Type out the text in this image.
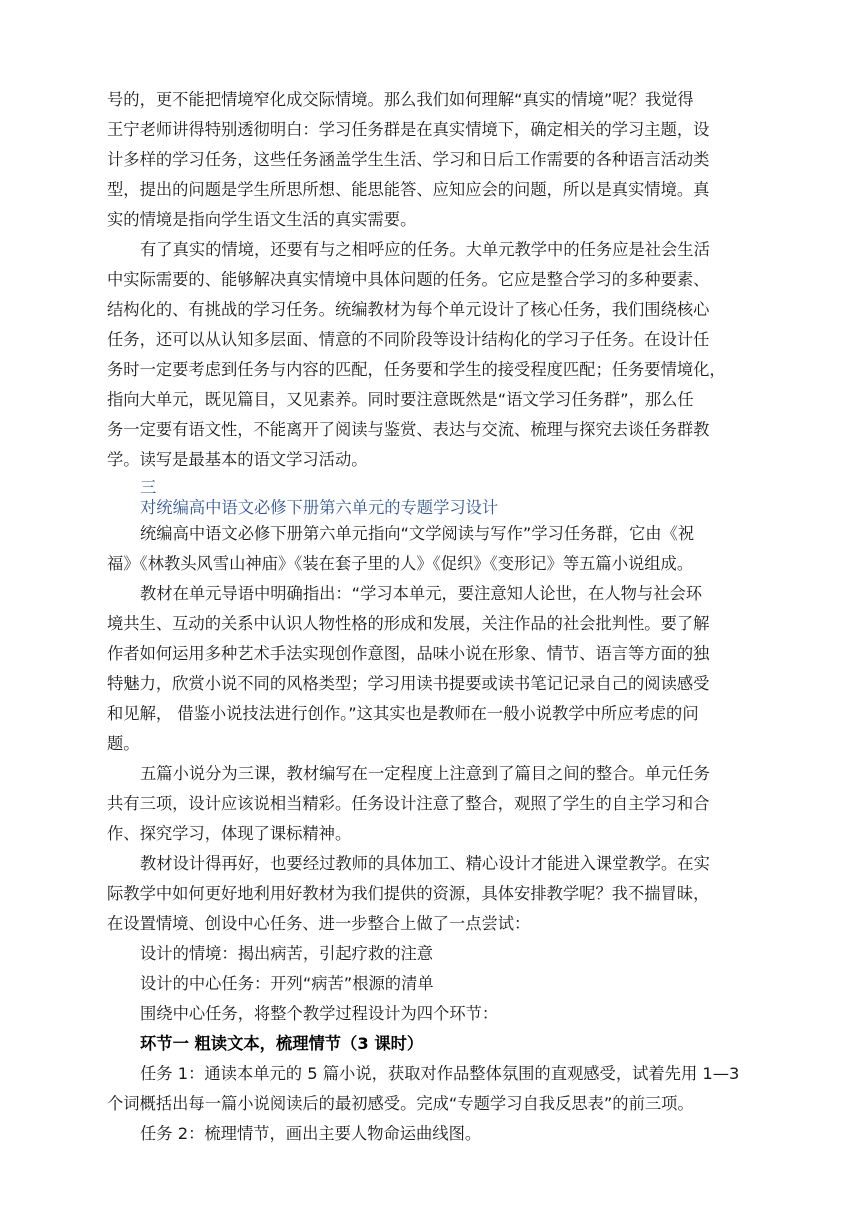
号的，更不能把情境窄化成交际情境。那么我们如何理解“真实的情境”呢？我觉得
王宁老师讲得特别透彻明白：学习任务群是在真实情境下，确定相关的学习主题，设
计多样的学习任务，这些任务涵盖学生生活、学习和日后工作需要的各种语言活动类
型，提出的问题是学生所思所想、能思能答、应知应会的问题，所以是真实情境。真
实的情境是指向学生语文生活的真实需要。
有了真实的情境，还要有与之相呼应的任务。大单元教学中的任务应是社会生活
中实际需要的、能够解决真实情境中具体问题的任务。它应是整合学习的多种要素、
结构化的、有挑战的学习任务。统编教材为每个单元设计了核心任务，我们围绕核心
任务，还可以从认知多层面、情意的不同阶段等设计结构化的学习子任务。在设计任
务时一定要考虑到任务与内容的匹配，任务要和学生的接受程度匹配；任务要情境化，
指向大单元，既见篇目，又见素养。同时要注意既然是“语文学习任务群”，那么任
务一定要有语文性，不能离开了阅读与鉴赏、表达与交流、梳理与探究去谈任务群教
学。读写是最基本的语文学习活动。
三
对统编高中语文必修下册第六单元的专题学习设计
统编高中语文必修下册第六单元指向“文学阅读与写作”学习任务群，它由《祝
福》《林教头风雪山神庙》《装在套子里的人》《促织》《变形记》等五篇小说组成。
教材在单元导语中明确指出：“学习本单元，要注意知人论世，在人物与社会环
境共生、互动的关系中认识人物性格的形成和发展，关注作品的社会批判性。要了解
作者如何运用多种艺术手法实现创作意图，品味小说在形象、情节、语言等方面的独
特魅力，欣赏小说不同的风格类型；学习用读书提要或读书笔记记录自己的阅读感受
和见解， 借鉴小说技法进行创作。”这其实也是教师在一般小说教学中所应考虑的问
题。
五篇小说分为三课，教材编写在一定程度上注意到了篇目之间的整合。单元任务
共有三项，设计应该说相当精彩。任务设计注意了整合，观照了学生的自主学习和合
作、探究学习，体现了课标精神。
教材设计得再好，也要经过教师的具体加工、精心设计才能进入课堂教学。在实
际教学中如何更好地利用好教材为我们提供的资源，具体安排教学呢？我不揣冒昧，
在设置情境、创设中心任务、进一步整合上做了一点尝试：
设计的情境：揭出病苦，引起疗救的注意
设计的中心任务：开列“病苦”根源的清单
围绕中心任务，将整个教学过程设计为四个环节：
环节一 粗读文本，梳理情节（3 课时）
任务 1：通读本单元的 5 篇小说，获取对作品整体氛围的直观感受，试着先用 1—3
个词概括出每一篇小说阅读后的最初感受。完成“专题学习自我反思表”的前三项。
任务 2：梳理情节，画出主要人物命运曲线图。
